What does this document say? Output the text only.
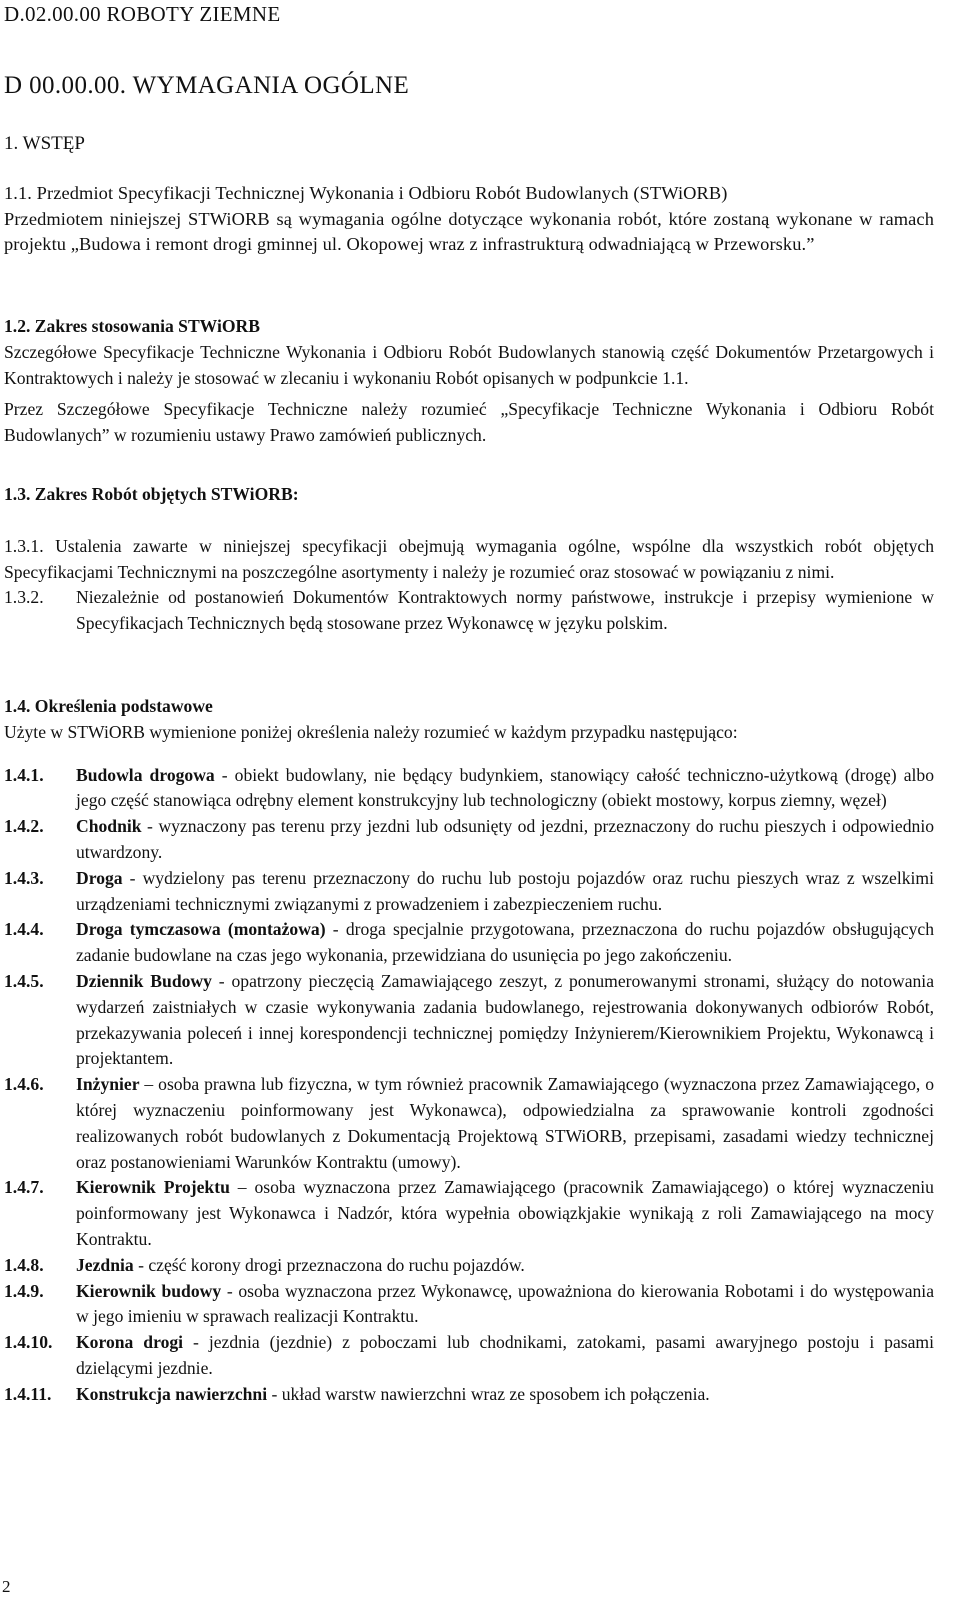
D.02.00.00 ROBOTY ZIEMNE
D 00.00.00. WYMAGANIA OGÓLNE
1. WSTĘP

1.1. Przedmiot Specyfikacji Technicznej Wykonania i Odbioru Robót Budowlanych (STWiORB)

Przedmiotem niniejszej STWiORB są wymagania ogólne dotyczące wykonania robót, które zostaną wykonane w ramach projektu „Budowa i remont drogi gminnej ul. Okopowej wraz z infrastrukturą odwadniającą w Przeworsku.”

1.2. Zakres stosowania STWiORB

Szczegółowe Specyfikacje Techniczne Wykonania i Odbioru Robót Budowlanych stanowią część Dokumentów Przetargowych i Kontraktowych i należy je stosować w zlecaniu i wykonaniu Robót opisanych w podpunkcie 1.1.

Przez Szczegółowe Specyfikacje Techniczne należy rozumieć „Specyfikacje Techniczne Wykonania i Odbioru Robót Budowlanych” w rozumieniu ustawy Prawo zamówień publicznych.

1.3. Zakres Robót objętych STWiORB:

1.3.1. Ustalenia zawarte w niniejszej specyfikacji obejmują wymagania ogólne, wspólne dla wszystkich robót objętych Specyfikacjami Technicznymi na poszczególne asortymenty i należy je rozumieć oraz stosować w powiązaniu z nimi.

1.3.2.	Niezależnie od postanowień Dokumentów Kontraktowych normy państwowe, instrukcje i przepisy wymienione w Specyfikacjach Technicznych będą stosowane przez Wykonawcę w języku polskim.

1.4. Określenia podstawowe

Użyte w STWiORB wymienione poniżej określenia należy rozumieć w każdym przypadku następująco:

1.4.1.	Budowla drogowa - obiekt budowlany, nie będący budynkiem, stanowiący całość techniczno-użytkową (drogę) albo jego część stanowiąca odrębny element konstrukcyjny lub technologiczny (obiekt mostowy, korpus ziemny, węzeł)
1.4.2.	Chodnik - wyznaczony pas terenu przy jezdni lub odsunięty od jezdni, przeznaczony do ruchu pieszych i odpowiednio utwardzony.
1.4.3.	Droga - wydzielony pas terenu przeznaczony do ruchu lub postoju pojazdów oraz ruchu pieszych wraz z wszelkimi urządzeniami technicznymi związanymi z prowadzeniem i zabezpieczeniem ruchu.
1.4.4.	Droga tymczasowa (montażowa) - droga specjalnie przygotowana, przeznaczona do ruchu pojazdów obsługujących zadanie budowlane na czas jego wykonania, przewidziana do usunięcia po jego zakończeniu.
1.4.5.	Dziennik Budowy - opatrzony pieczęcią Zamawiającego zeszyt, z ponumerowanymi stronami, służący do notowania wydarzeń zaistniałych w czasie wykonywania zadania budowlanego, rejestrowania dokonywanych odbiorów Robót, przekazywania poleceń i innej korespondencji technicznej pomiędzy Inżynierem/Kierownikiem Projektu, Wykonawcą i projektantem.
1.4.6.	Inżynier – osoba prawna lub fizyczna, w tym również pracownik Zamawiającego (wyznaczona przez Zamawiającego, o której wyznaczeniu poinformowany jest Wykonawca), odpowiedzialna za sprawowanie kontroli zgodności realizowanych robót budowlanych z Dokumentacją Projektową STWiORB, przepisami, zasadami wiedzy technicznej oraz postanowieniami Warunków Kontraktu (umowy).
1.4.7.	Kierownik Projektu – osoba wyznaczona przez Zamawiającego (pracownik Zamawiającego) o której wyznaczeniu poinformowany jest Wykonawca i Nadzór, która wypełnia obowiązkjakie wynikają z roli Zamawiającego na mocy Kontraktu.
1.4.8.	Jezdnia - część korony drogi przeznaczona do ruchu pojazdów.
1.4.9.	Kierownik budowy - osoba wyznaczona przez Wykonawcę, upoważniona do kierowania Robotami i do występowania w jego imieniu w sprawach realizacji Kontraktu.
1.4.10.	Korona drogi - jezdnia (jezdnie) z poboczami lub chodnikami, zatokami, pasami awaryjnego postoju i pasami dzielącymi jezdnie.
1.4.11.	Konstrukcja nawierzchni - układ warstw nawierzchni wraz ze sposobem ich połączenia.
2
